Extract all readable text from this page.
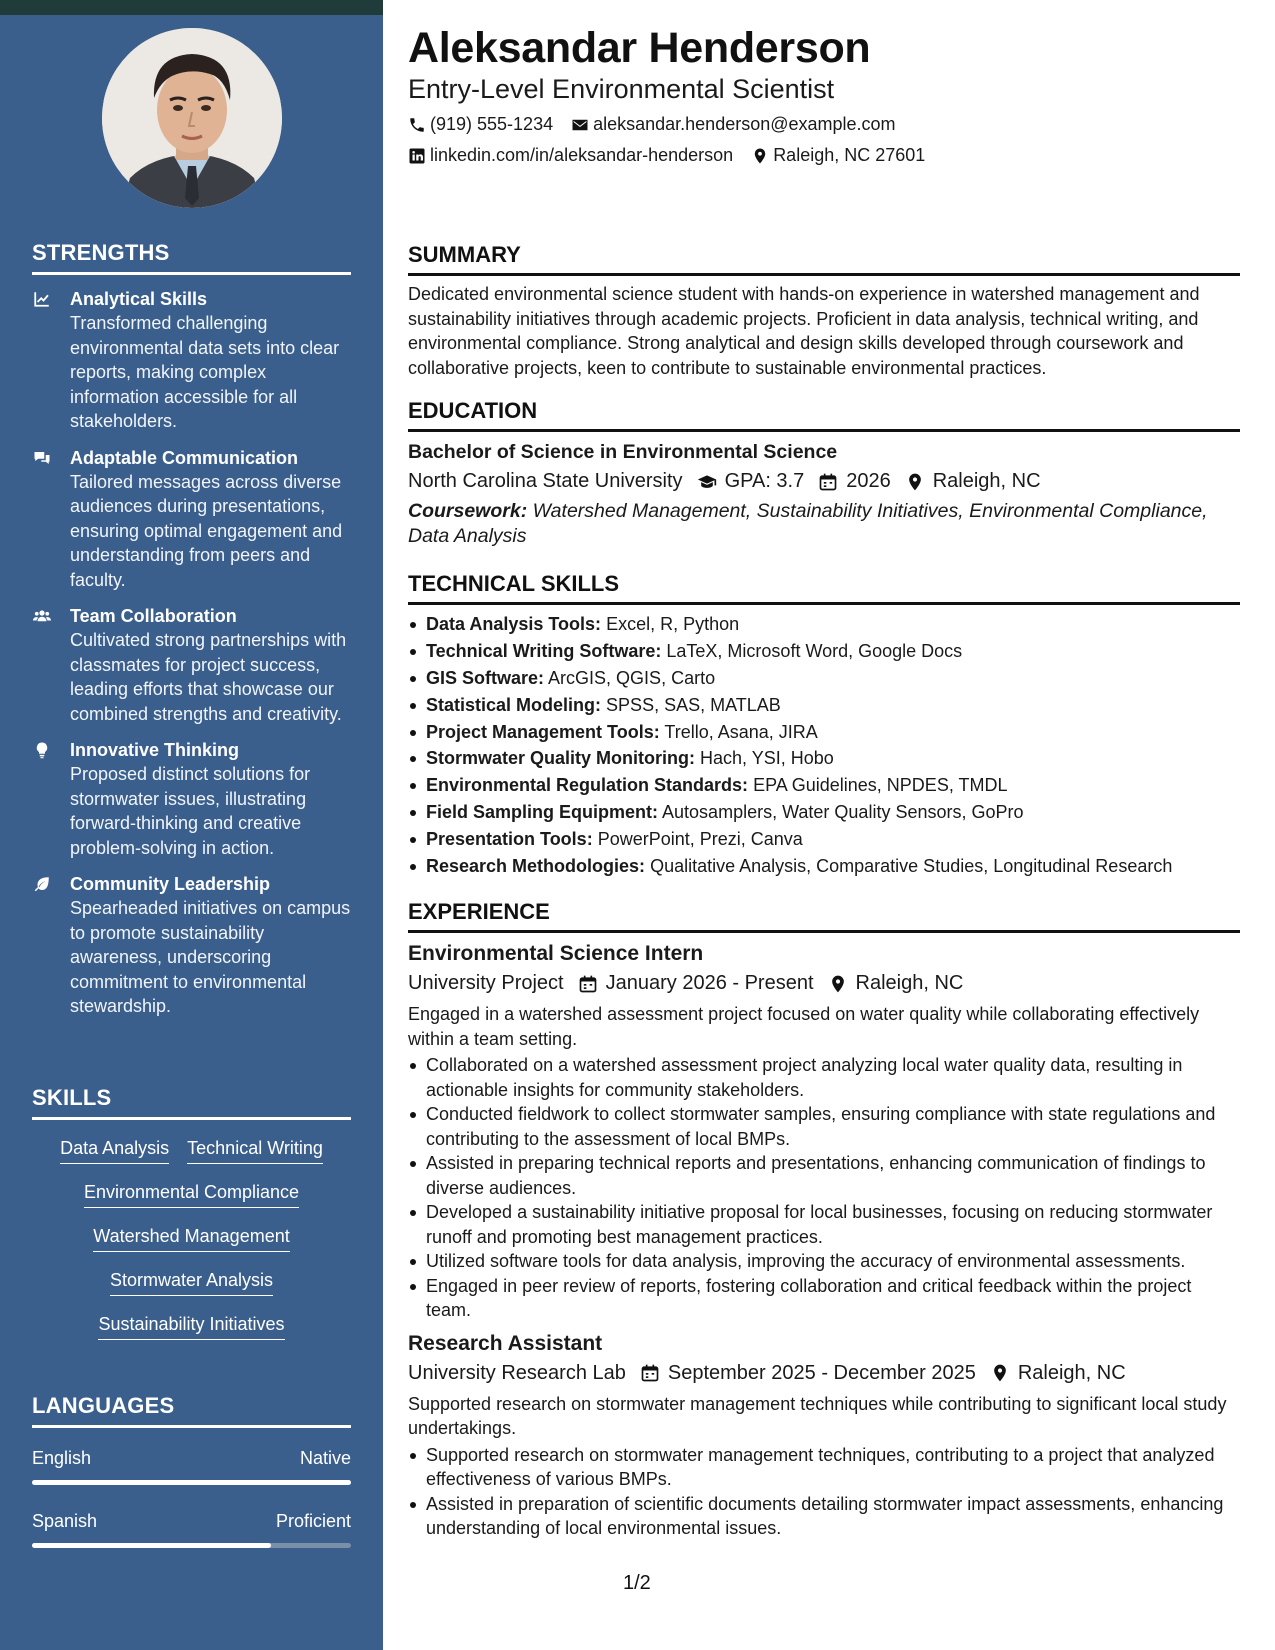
STRENGTHS
Analytical Skills
Transformed challenging environmental data sets into clear reports, making complex information accessible for all stakeholders.
Adaptable Communication
Tailored messages across diverse audiences during presentations, ensuring optimal engagement and understanding from peers and faculty.
Team Collaboration
Cultivated strong partnerships with classmates for project success, leading efforts that showcase our combined strengths and creativity.
Innovative Thinking
Proposed distinct solutions for stormwater issues, illustrating forward-thinking and creative problem-solving in action.
Community Leadership
Spearheaded initiatives on campus to promote sustainability awareness, underscoring commitment to environmental stewardship.
SKILLS
Data Analysis Technical Writing
Environmental Compliance
Watershed Management
Stormwater Analysis
Sustainability Initiatives
LANGUAGES
English	Native
Spanish	Proficient
Aleksandar Henderson
Entry-Level Environmental Scientist
(919) 555-1234 aleksandar.henderson@example.com
linkedin.com/in/aleksandar-henderson Raleigh, NC 27601
SUMMARY
Dedicated environmental science student with hands-on experience in watershed management and sustainability initiatives through academic projects. Proficient in data analysis, technical writing, and environmental compliance. Strong analytical and design skills developed through coursework and collaborative projects, keen to contribute to sustainable environmental practices.
EDUCATION
Bachelor of Science in Environmental Science
North Carolina State University GPA: 3.7 2026 Raleigh, NC
Coursework: Watershed Management, Sustainability Initiatives, Environmental Compliance, Data Analysis
TECHNICAL SKILLS
Data Analysis Tools: Excel, R, Python
Technical Writing Software: LaTeX, Microsoft Word, Google Docs
GIS Software: ArcGIS, QGIS, Carto
Statistical Modeling: SPSS, SAS, MATLAB
Project Management Tools: Trello, Asana, JIRA
Stormwater Quality Monitoring: Hach, YSI, Hobo
Environmental Regulation Standards: EPA Guidelines, NPDES, TMDL
Field Sampling Equipment: Autosamplers, Water Quality Sensors, GoPro
Presentation Tools: PowerPoint, Prezi, Canva
Research Methodologies: Qualitative Analysis, Comparative Studies, Longitudinal Research
EXPERIENCE
Environmental Science Intern
University Project January 2026 - Present Raleigh, NC
Engaged in a watershed assessment project focused on water quality while collaborating effectively within a team setting.
Collaborated on a watershed assessment project analyzing local water quality data, resulting in actionable insights for community stakeholders.
Conducted fieldwork to collect stormwater samples, ensuring compliance with state regulations and contributing to the assessment of local BMPs.
Assisted in preparing technical reports and presentations, enhancing communication of findings to diverse audiences.
Developed a sustainability initiative proposal for local businesses, focusing on reducing stormwater runoff and promoting best management practices.
Utilized software tools for data analysis, improving the accuracy of environmental assessments.
Engaged in peer review of reports, fostering collaboration and critical feedback within the project team.
Research Assistant
University Research Lab September 2025 - December 2025 Raleigh, NC
Supported research on stormwater management techniques while contributing to significant local study undertakings.
Supported research on stormwater management techniques, contributing to a project that analyzed effectiveness of various BMPs.
Assisted in preparation of scientific documents detailing stormwater impact assessments, enhancing understanding of local environmental issues.
1/2
